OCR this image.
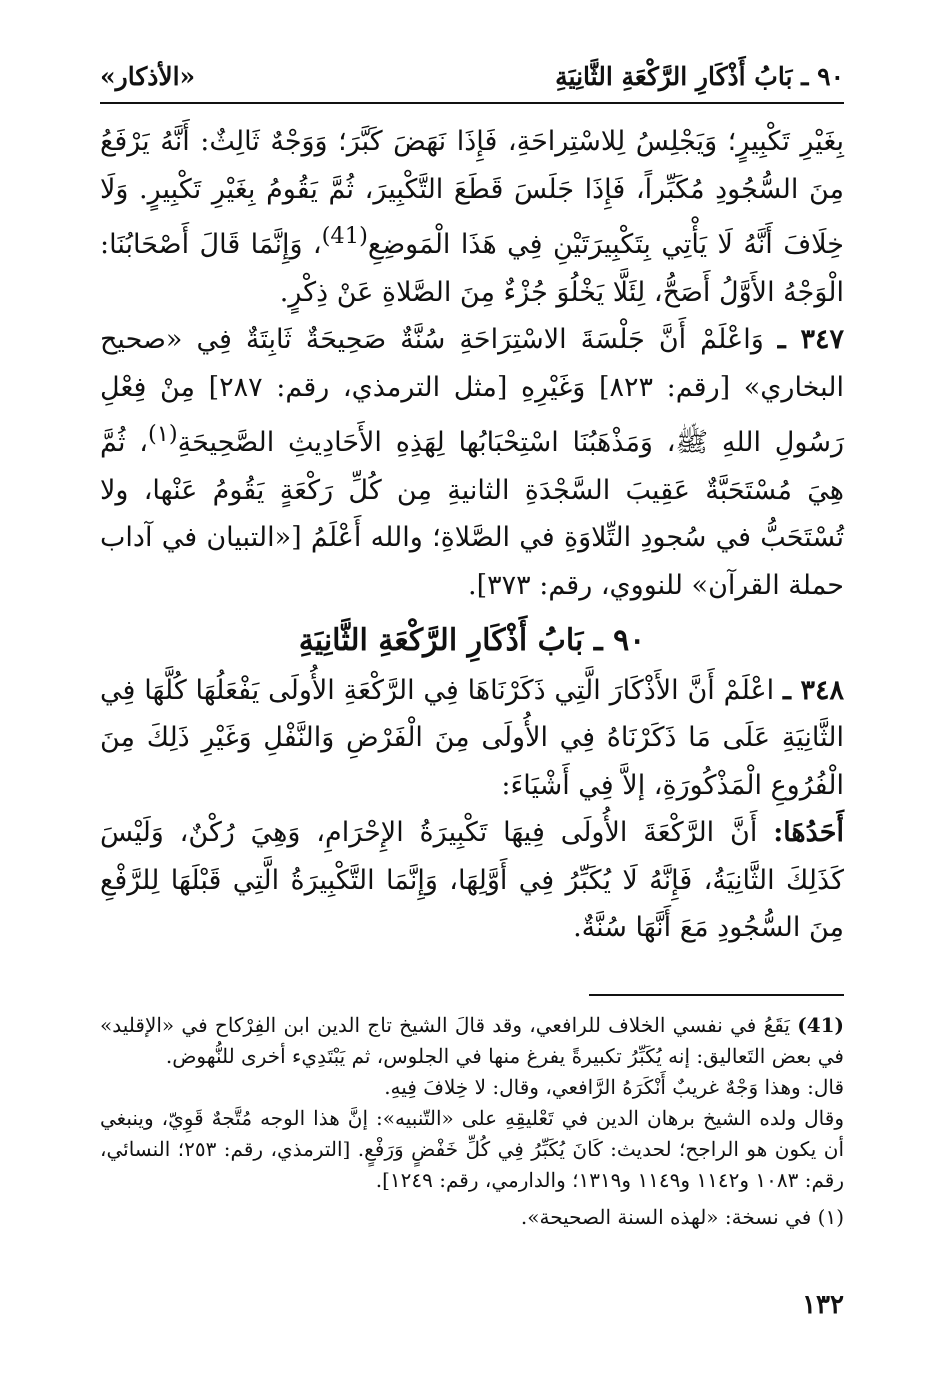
٩٠ ـ بَابُ أَذْكَارِ الرَّكْعَةِ الثَّانِيَةِ
«الأذكار»

بِغَيْرِ تَكْبِيرٍ؛ وَيَجْلِسُ لِلاسْتِراحَةِ، فَإِذَا نَهَضَ كَبَّرَ؛ وَوَجْهٌ ثَالِثٌ: أَنَّهُ يَرْفَعُ مِنَ السُّجُودِ مُكَبِّراً، فَإِذَا جَلَسَ قَطَعَ التَّكْبِيرَ، ثُمَّ يَقُومُ بِغَيْرِ تَكْبِيرٍ. وَلَا خِلَافَ أَنَّهُ لَا يَأْتِي بِتَكْبِيرَتَيْنِ فِي هَذَا الْمَوضِعِ$^{(41)}$، وَإِنَّمَا قَالَ أَصْحَابُنَا: الْوَجْهُ الأَوَّلُ أَصَحُّ، لِئَلَّا يَخْلُوَ جُزْءٌ مِنَ الصَّلاةِ عَنْ ذِكْرٍ.

٣٤٧ ـ وَاعْلَمْ أَنَّ جَلْسَةَ الاسْتِرَاحَةِ سُنَّةٌ صَحِيحَةٌ ثَابِتَةٌ فِي «صحيح البخاري» [رقم: ٨٢٣] وَغَيْرِهِ [مثل الترمذي، رقم: ٢٨٧] مِنْ فِعْلِ رَسُولِ اللهِ ﷺ، وَمَذْهَبُنَا اسْتِحْبَابُها لِهَذِهِ الأَحَادِيثِ الصَّحِيحَةِ$^{(١)}$، ثُمَّ هِيَ مُسْتَحَبَّةٌ عَقِيبَ السَّجْدَةِ الثانيةِ مِن كُلِّ رَكْعَةٍ يَقُومُ عَنْها، ولا تُسْتَحَبُّ في سُجودِ التِّلاوَةِ في الصَّلاةِ؛ والله أَعْلَمُ [«التبيان في آداب حملة القرآن» للنووي، رقم: ٣٧٣].

٩٠ ـ بَابُ أَذْكَارِ الرَّكْعَةِ الثَّانِيَةِ

٣٤٨ ـ اعْلَمْ أَنَّ الأَذْكَارَ الَّتِي ذَكَرْنَاهَا فِي الرَّكْعَةِ الأُولَى يَفْعَلُهَا كُلَّهَا فِي الثَّانِيَةِ عَلَى مَا ذَكَرْنَاهُ فِي الأُولَى مِنَ الْفَرْضِ وَالنَّفْلِ وَغَيْرِ ذَلِكَ مِنَ الْفُرُوعِ الْمَذْكُورَةِ، إلاَّ فِي أَشْيَاءَ:

أَحَدُهَا: أَنَّ الرَّكْعَةَ الأُولَى فِيهَا تَكْبِيرَةُ الإِحْرَامِ، وَهِيَ رُكْنٌ، وَلَيْسَ كَذَلِكَ الثَّانِيَةُ، فَإِنَّهُ لَا يُكَبِّرُ فِي أَوَّلِهَا، وَإِنَّمَا التَّكْبِيرَةُ الَّتِي قَبْلَهَا لِلرَّفْعِ مِنَ السُّجُودِ مَعَ أَنَّهَا سُنَّةٌ.

(41) يَقَعُ في نفسي الخلاف للرافعي، وقد قالَ الشيخ تاج الدين ابن الفِرْكاح في «الإقليد» في بعض التَعاليق: إنه يُكَبِّرُ تكبيرةً يفرغ منها في الجلوس، ثم يَبْتَدِيء أخرى للنُّهوض.

قال: وهذا وَجْهٌ غريبٌ أَنْكَرَهُ الرَّافعي، وقال: لا خِلافَ فِيهِ.

وقال ولده الشيخ برهان الدين في تَعْليقِهِ على «التّنبيه»: إنَّ هذا الوجه مُتَّجهٌ قَوِيّ، وينبغي أن يكون هو الراجح؛ لحديث: كَانَ يُكَبِّرُ فِي كُلِّ خَفْضٍ وَرَفْعٍ. [الترمذي، رقم: ٢٥٣؛ النسائي، رقم: ١٠٨٣ و١١٤٢ و١١٤٩ و١٣١٩؛ والدارمي، رقم: ١٢٤٩].

(١) في نسخة: «لهذه السنة الصحيحة».

١٣٢
